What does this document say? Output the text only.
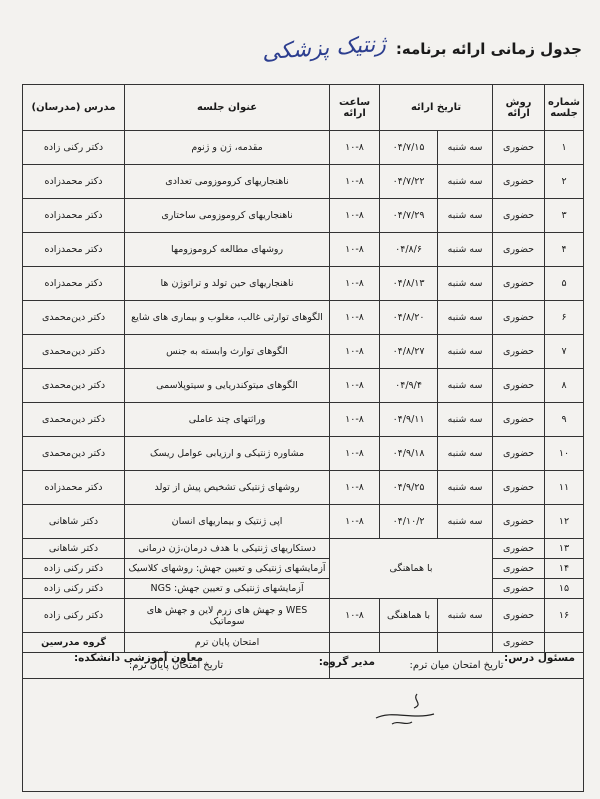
جدول زمانی ارائه برنامه:
ژنتیک پزشکی
شماره جلسه	روش ارائه	تاریخ ارائه		ساعت ارائه	عنوان جلسه	مدرس (مدرسان)
۱	حضوری	سه شنبه	۰۴/۷/۱۵	۱۰-۸	مقدمه، ژن و ژنوم	دکتر رکنی زاده
۲	حضوری	سه شنبه	۰۴/۷/۲۲	۱۰-۸	ناهنجاریهای کروموزومی تعدادی	دکتر محمدزاده
۳	حضوری	سه شنبه	۰۴/۷/۲۹	۱۰-۸	ناهنجاریهای کروموزومی ساختاری	دکتر محمدزاده
۴	حضوری	سه شنبه	۰۴/۸/۶	۱۰-۸	روشهای مطالعه کروموزومها	دکتر محمدزاده
۵	حضوری	سه شنبه	۰۴/۸/۱۳	۱۰-۸	ناهنجاریهای حین تولد و تراتوژن ها	دکتر محمدزاده
۶	حضوری	سه شنبه	۰۴/۸/۲۰	۱۰-۸	الگوهای توارثی غالب، مغلوب و بیماری های شایع	دکتر دین‌محمدی
۷	حضوری	سه شنبه	۰۴/۸/۲۷	۱۰-۸	الگوهای توارث وابسته به جنس	دکتر دین‌محمدی
۸	حضوری	سه شنبه	۰۴/۹/۴	۱۰-۸	الگوهای میتوکندریایی و سیتوپلاسمی	دکتر دین‌محمدی
۹	حضوری	سه شنبه	۰۴/۹/۱۱	۱۰-۸	وراثتهای چند عاملی	دکتر دین‌محمدی
۱۰	حضوری	سه شنبه	۰۴/۹/۱۸	۱۰-۸	مشاوره ژنتیکی و ارزیابی عوامل ریسک	دکتر دین‌محمدی
۱۱	حضوری	سه شنبه	۰۴/۹/۲۵	۱۰-۸	روشهای ژنتیکی تشخیص پیش از تولد	دکتر محمدزاده
۱۲	حضوری	سه شنبه	۰۴/۱۰/۲	۱۰-۸	اپی ژنتیک و بیماریهای انسان	دکتر شاهانی
۱۳	حضوری	با هماهنگی			دستکاریهای ژنتیکی با هدف درمان،ژن درمانی	دکتر شاهانی
۱۴	حضوری				آزمایشهای ژنتیکی و تعیین جهش: روشهای کلاسیک	دکتر رکنی زاده
۱۵	حضوری				آزمایشهای ژنتیکی و تعیین جهش: NGS	دکتر رکنی زاده
۱۶	حضوری	سه شنبه	با هماهنگی	۱۰-۸	WES و جهش های زرم لاین و جهش های سوماتیک	دکتر رکنی زاده
	حضوری				امتحان پایان ترم	گروه مدرسین
تاریخ امتحان میان ترم:					تاریخ امتحان پایان ترم:	
مسئول درس:
مدیر گروه:
معاون آموزشی دانشکده:
